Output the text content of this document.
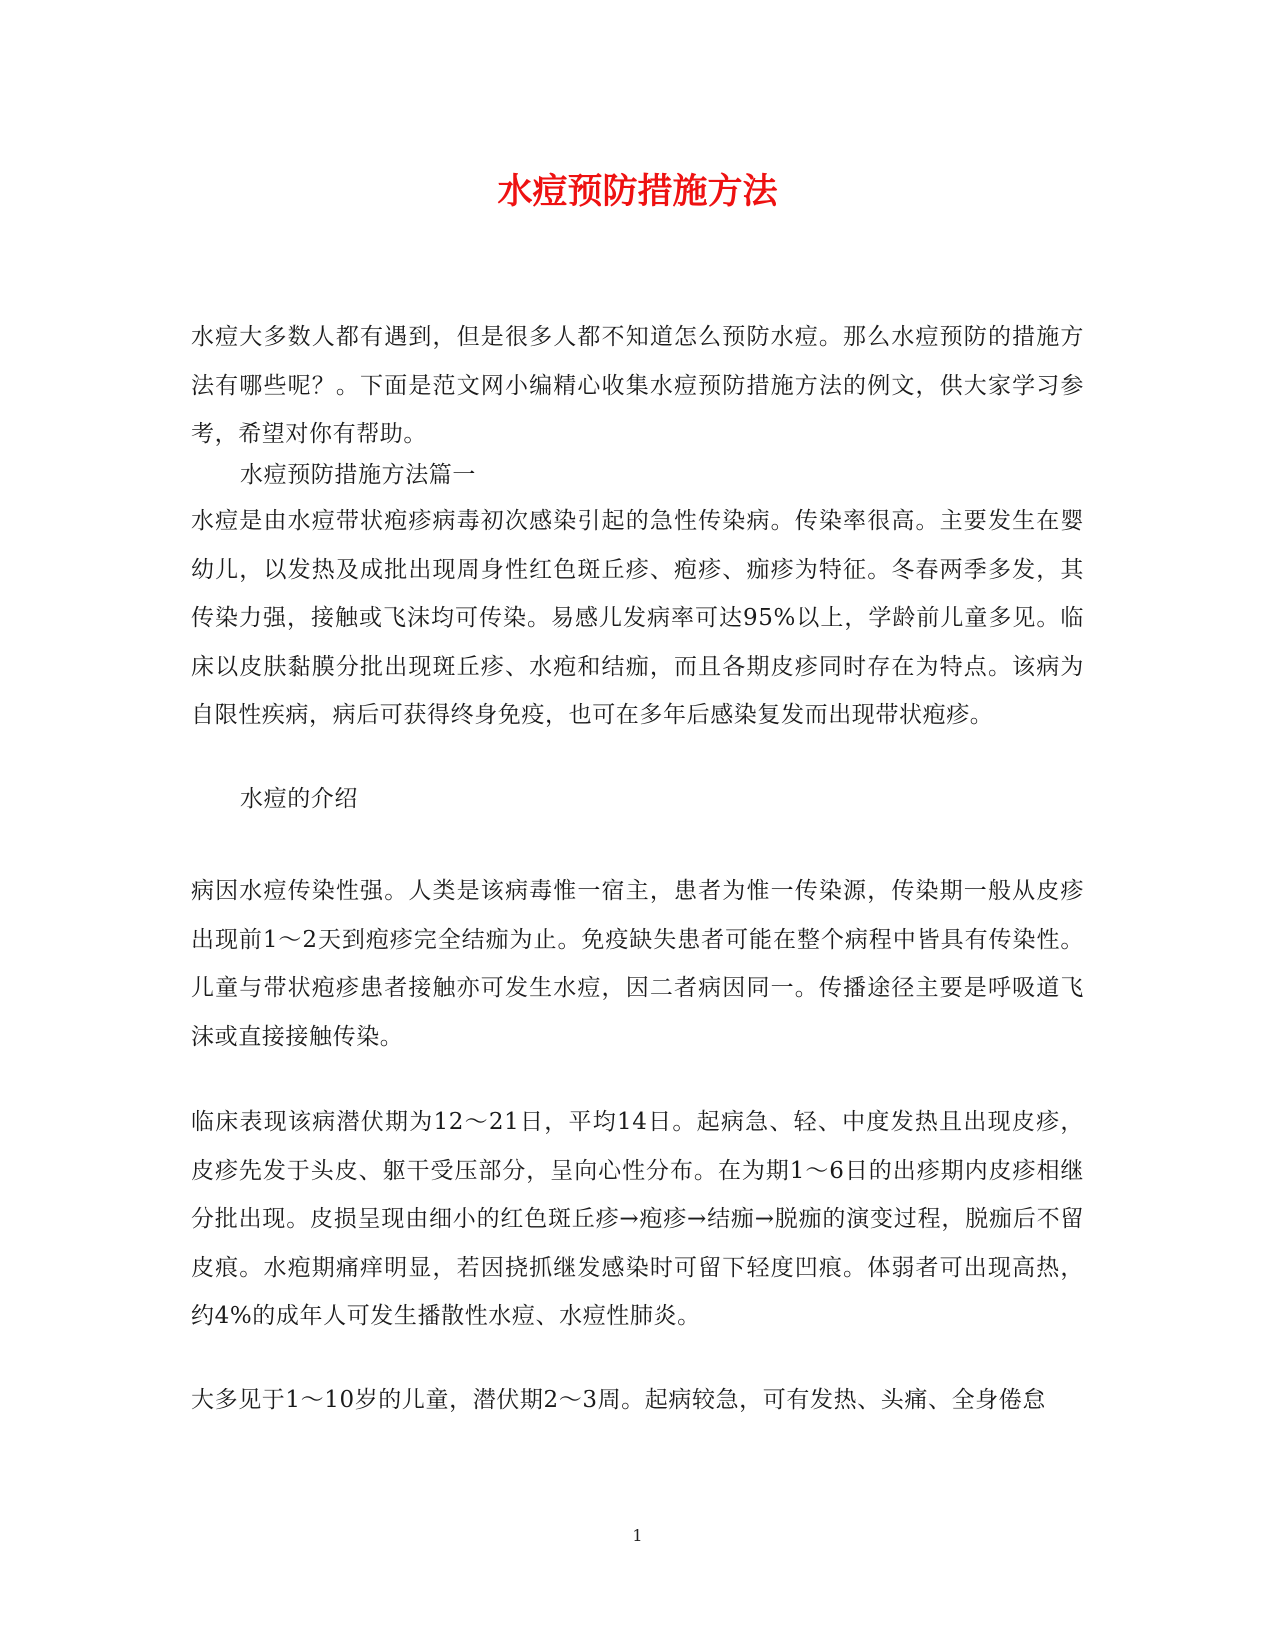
水痘预防措施方法

水痘大多数人都有遇到，但是很多人都不知道怎么预防水痘。那么水痘预防的措施方法有哪些呢？。下面是范文网小编精心收集水痘预防措施方法的例文，供大家学习参考，希望对你有帮助。

水痘预防措施方法篇一

水痘是由水痘带状疱疹病毒初次感染引起的急性传染病。传染率很高。主要发生在婴幼儿，以发热及成批出现周身性红色斑丘疹、疱疹、痂疹为特征。冬春两季多发，其传染力强，接触或飞沫均可传染。易感儿发病率可达95%以上，学龄前儿童多见。临床以皮肤黏膜分批出现斑丘疹、水疱和结痂，而且各期皮疹同时存在为特点。该病为自限性疾病，病后可获得终身免疫，也可在多年后感染复发而出现带状疱疹。

水痘的介绍

病因水痘传染性强。人类是该病毒惟一宿主，患者为惟一传染源，传染期一般从皮疹出现前1～2天到疱疹完全结痂为止。免疫缺失患者可能在整个病程中皆具有传染性。儿童与带状疱疹患者接触亦可发生水痘，因二者病因同一。传播途径主要是呼吸道飞沫或直接接触传染。

临床表现该病潜伏期为12～21日，平均14日。起病急、轻、中度发热且出现皮疹，皮疹先发于头皮、躯干受压部分，呈向心性分布。在为期1～6日的出疹期内皮疹相继分批出现。皮损呈现由细小的红色斑丘疹→疱疹→结痂→脱痂的演变过程，脱痂后不留皮痕。水疱期痛痒明显，若因挠抓继发感染时可留下轻度凹痕。体弱者可出现高热，约4%的成年人可发生播散性水痘、水痘性肺炎。

大多见于1～10岁的儿童，潜伏期2～3周。起病较急，可有发热、头痛、全身倦怠

1
